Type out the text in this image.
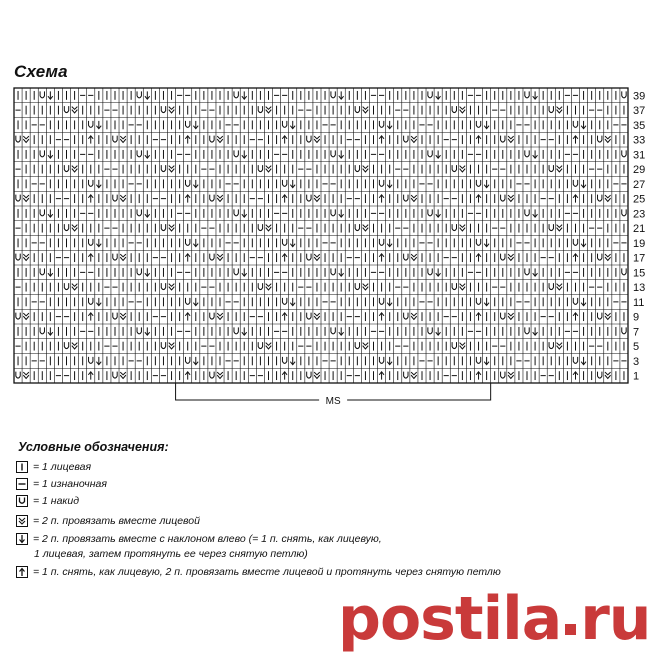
Схема
39
37
35
33
31
29
27
25
23
21
19
17
15
13
11
9
7
5
3
1
MS
Условные обозначения:
= 1 лицевая
= 1 изнаночная
= 1 накид
= 2 п. провязать вместе лицевой
= 2 п. провязать вместе с наклоном влево (= 1 п. снять, как лицевую,
1 лицевая, затем протянуть ее через снятую петлю)
= 1 п. снять, как лицевую, 2 п. провязать вместе лицевой и протянуть через снятую петлю
postila ru
